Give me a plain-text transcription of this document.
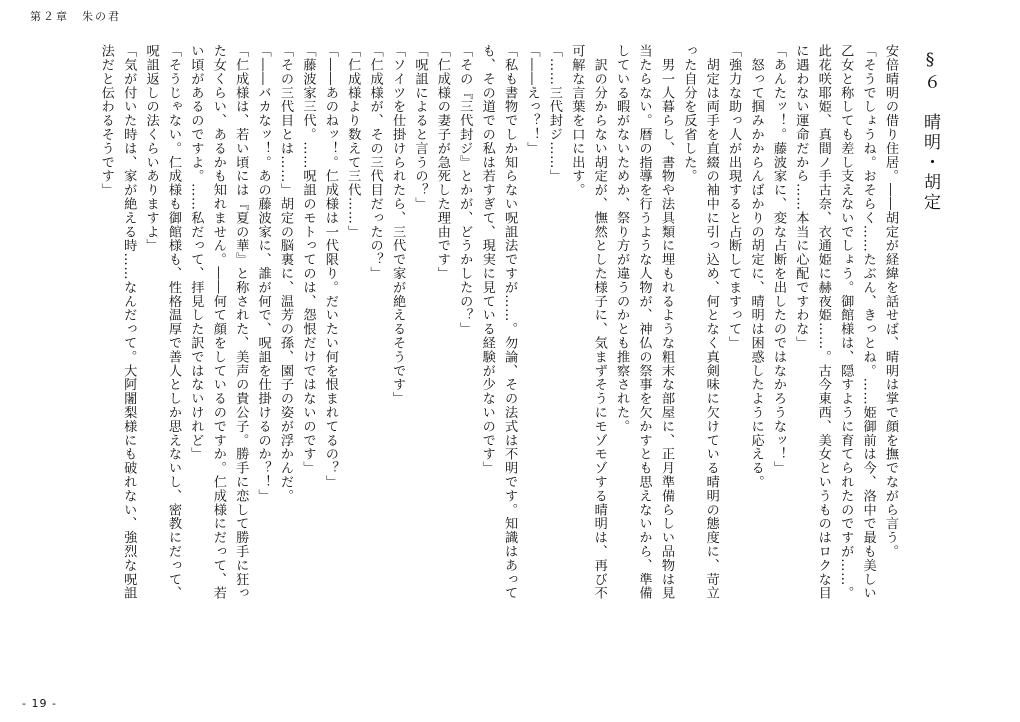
第２章　朱の君
§６　晴明・胡定

安倍晴明の借り住居。――胡定が経緯を話せば、晴明は掌で顔を撫でながら言う。

「そうでしょうね。おそらく……たぶん、きっとね。……姫御前は今、洛中で最も美しい

乙女と称しても差し支えないでしょう。御館様は、隠すように育てられたのですが……。

此花咲耶姫、真間ノ手古奈、衣通姫に赫夜姫……。古今東西、美女というものはロクな目

に遇わない運命だから……本当に心配ですわな」

「あんたッ！。藤波家に、変な占断を出したのではなかろうなッ！」

　怒って掴みかからんばかりの胡定に、晴明は困惑したように応える。

「強力な助っ人が出現すると占断してますって」

　胡定は両手を直綴の袖中に引っ込め、何となく真剣味に欠けている晴明の態度に、苛立

った自分を反省した。

　男一人暮らし、書物や法具類に埋もれるような粗末な部屋に、正月準備らしい品物は見

当たらない。暦の指導を行うような人物が、神仏の祭事を欠かすとも思えないから、準備

している暇がないためか、祭り方が違うのかとも推察された。

　訳の分からない胡定が、憮然とした様子に、気まずそうにモゾモゾする晴明は、再び不

可解な言葉を口に出す。

「……三代封ジ……」

「――えっ？！」

「私も書物でしか知らない呪詛法ですが……。勿論、その法式は不明です。知識はあって

も、その道での私は若すぎて、現実に見ている経験が少ないのです」

「その『三代封ジ』とかが、どうかしたの？」

「仁成様の妻子が急死した理由です」

「呪詛によると言うの？」

「ソイツを仕掛けられたら、三代で家が絶えるそうです」

「仁成様が、その三代目だったの？」

「仁成様より数えて三代……」

「――あのねッ！。仁成様は一代限り。だいたい何を恨まれてるの？」

「藤波家三代。……呪詛のモトってのは、怨恨だけではないのです」

「その三代目とは……」胡定の脳裏に、温芳の孫、園子の姿が浮かんだ。

「――バカなッ！。あの藤波家に、誰が何で、呪詛を仕掛けるのか？！」

「仁成様は、若い頃には『夏の華』と称された、美声の貴公子。勝手に恋して勝手に狂っ

た女くらい、あるかも知れません。――何て顔をしているのですか。仁成様にだって、若

い頃があるのですよ。……私だって、拝見した訳ではないけれど」

「そうじゃない。仁成様も御館様も、性格温厚で善人としか思えないし、密教にだって、

呪詛返しの法くらいありますよ」

「気が付いた時は、家が絶える時……なんだって。大阿闍梨様にも破れない、強烈な呪詛

法だと伝わるそうです」

- 19 -
